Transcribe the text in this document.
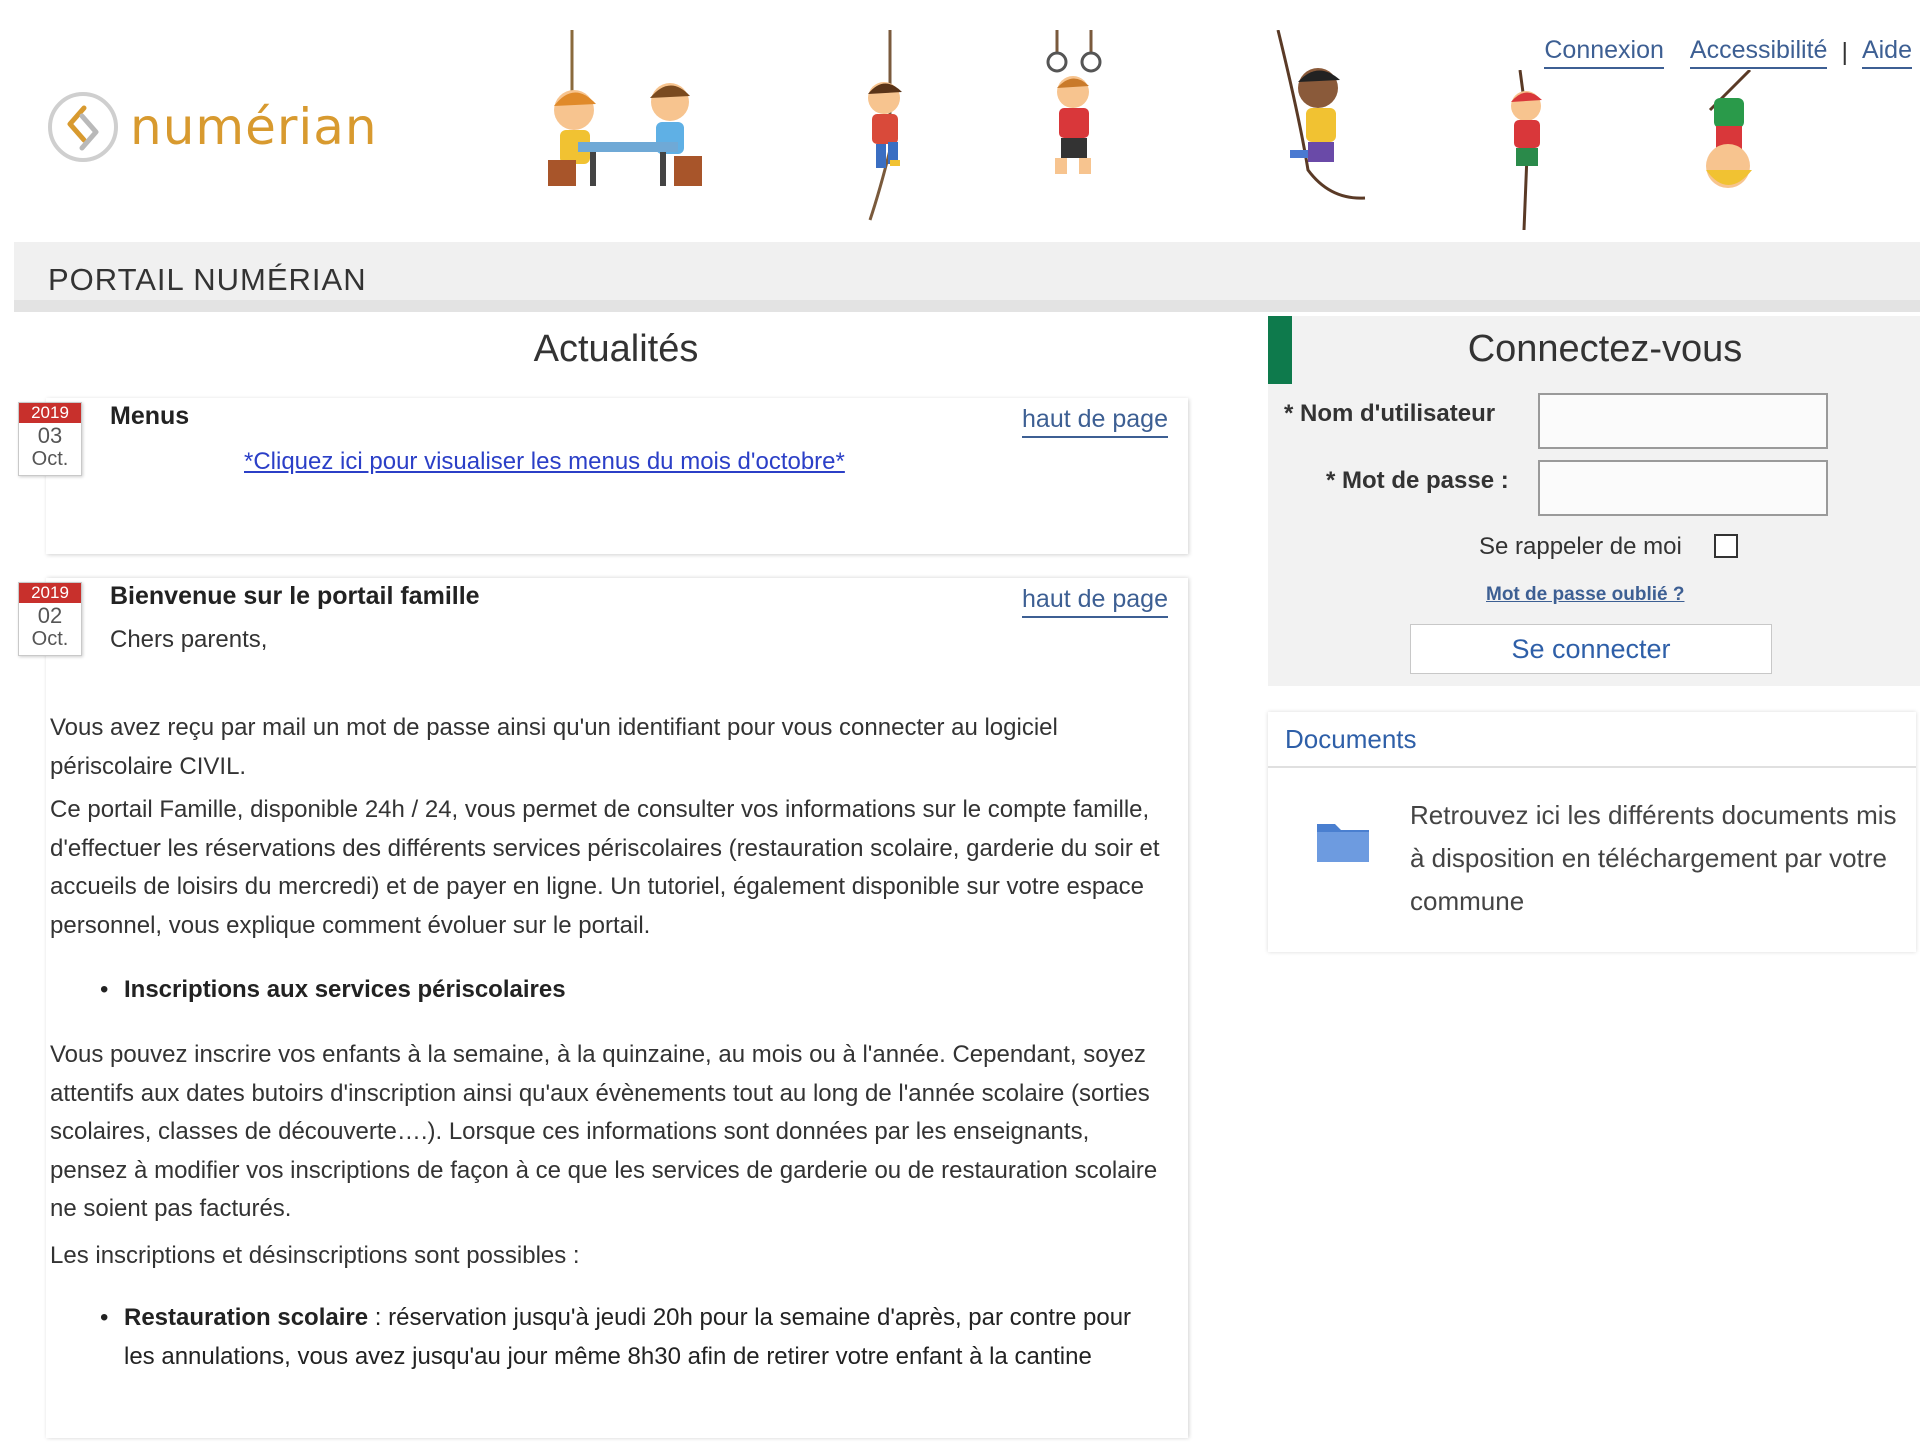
numérian
Connexion Accessibilité | Aide
PORTAIL NUMÉRIAN
Actualités
2019
03
Oct.
Menus	haut de page
*Cliquez ici pour visualiser les menus du mois d'octobre*
2019
02
Oct.
Bienvenue sur le portail famille	haut de page
Chers parents,
Vous avez reçu par mail un mot de passe ainsi qu'un identifiant pour vous connecter au logiciel périscolaire CIVIL.
Ce portail Famille, disponible 24h / 24, vous permet de consulter vos informations sur le compte famille, d'effectuer les réservations des différents services périscolaires (restauration scolaire, garderie du soir et accueils de loisirs du mercredi) et de payer en ligne. Un tutoriel, également disponible sur votre espace personnel, vous explique comment évoluer sur le portail.
• Inscriptions aux services périscolaires
Vous pouvez inscrire vos enfants à la semaine, à la quinzaine, au mois ou à l'année. Cependant, soyez attentifs aux dates butoirs d'inscription ainsi qu'aux évènements tout au long de l'année scolaire (sorties scolaires, classes de découverte….). Lorsque ces informations sont données par les enseignants, pensez à modifier vos inscriptions de façon à ce que les services de garderie ou de restauration scolaire ne soient pas facturés.
Les inscriptions et désinscriptions sont possibles :
• Restauration scolaire : réservation jusqu'à jeudi 20h pour la semaine d'après, par contre pour les annulations, vous avez jusqu'au jour même 8h30 afin de retirer votre enfant à la cantine
Connectez-vous
* Nom d'utilisateur
* Mot de passe :
Se rappeler de moi
Mot de passe oublié ?
Se connecter
Documents
Retrouvez ici les différents documents mis à disposition en téléchargement par votre commune
